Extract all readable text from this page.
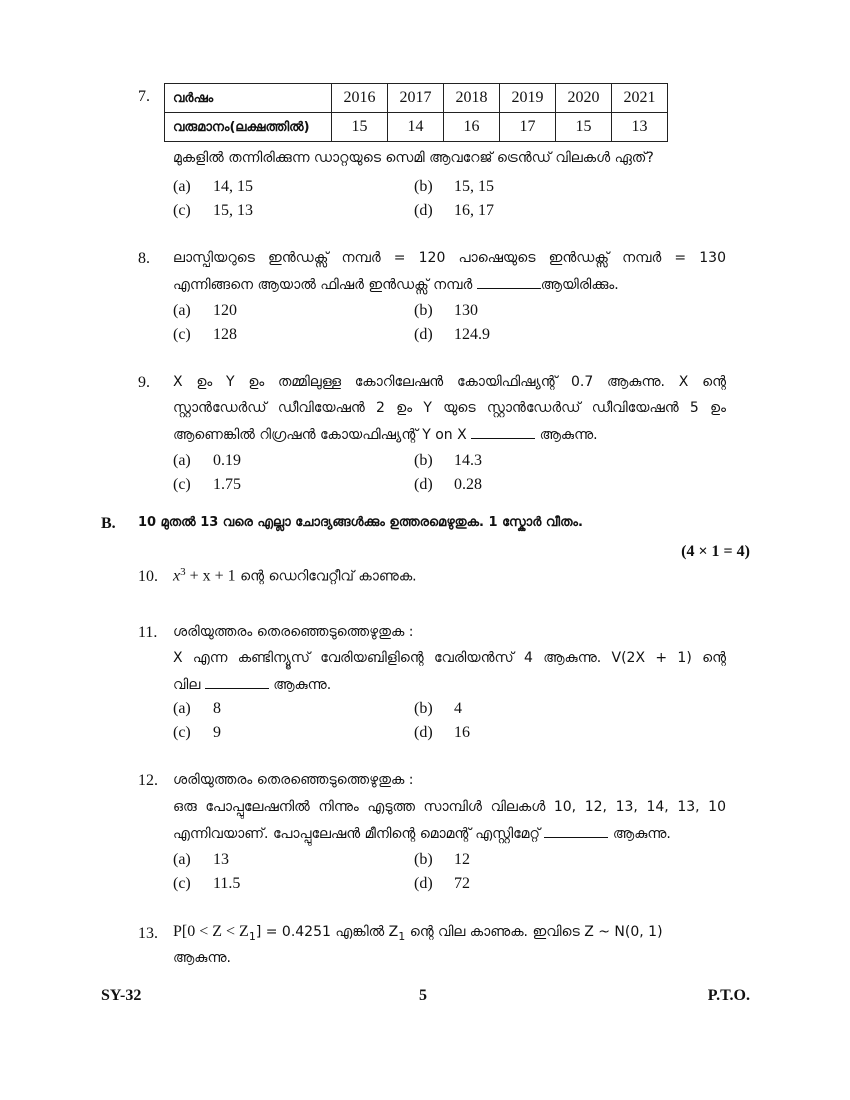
7. വർഷം	2016	2017	2018	2019	2020	2021
വരുമാനം(ലക്ഷത്തിൽ)	15	14	16	17	15	13
മുകളിൽ തന്നിരിക്കുന്ന ഡാറ്റയുടെ സെമി ആവറേജ് ട്രെൻഡ് വിലകൾ ഏത്?
(a) 14, 15	(b) 15, 15
(c) 15, 13	(d) 16, 17
8. ലാസ്പിയറുടെ ഇൻഡക്സ് നമ്പർ = 120 പാഷെയുടെ ഇൻഡക്സ് നമ്പർ = 130
എന്നിങ്ങനെ ആയാൽ ഫിഷർ ഇൻഡക്സ് നമ്പർ	ആയിരിക്കും.
(a) 120	(b) 130
(c) 128	(d) 124.9
9. X ഉം Y ഉം തമ്മിലുള്ള കോറിലേഷൻ കോയിഫിഷ്യന്റ് 0.7 ആകുന്നു. X ന്റെ
സ്റ്റാൻഡേർഡ് ഡീവിയേഷൻ 2 ഉം Y യുടെ സ്റ്റാൻഡേർഡ് ഡീവിയേഷൻ 5 ഉം
ആണെങ്കിൽ റിഗ്രഷൻ കോയഫിഷ്യന്റ് Y on X	ആകുന്നു.
(a) 0.19	(b) 14.3
(c) 1.75	(d) 0.28
B. 10 മുതൽ 13 വരെ എല്ലാ ചോദ്യങ്ങൾക്കും ഉത്തരമെഴുതുക. 1 സ്കോർ വീതം.
(4 × 1 = 4)
10. $x^3 + x + 1$ ന്റെ ഡെറിവേറ്റീവ് കാണുക.
11. ശരിയുത്തരം തെരഞ്ഞെടുത്തെഴുതുക :
X എന്ന കണ്ടിന്യൂസ് വേരിയബിളിന്റെ വേരിയൻസ് 4 ആകുന്നു. V(2X + 1) ന്റെ
വില	ആകുന്നു.
(a) 8	(b) 4
(c) 9	(d) 16
12. ശരിയുത്തരം തെരഞ്ഞെടുത്തെഴുതുക :
ഒരു പോപ്പുലേഷനിൽ നിന്നും എടുത്ത സാമ്പിൾ വിലകൾ 10, 12, 13, 14, 13, 10
എന്നിവയാണ്. പോപ്പുലേഷൻ മീനിന്റെ മൊമന്റ് എസ്റ്റിമേറ്റ്	ആകുന്നു.
(a) 13	(b) 12
(c) 11.5	(d) 72
13. $P[0 < Z < Z_1] = 0.4251$ എങ്കിൽ $Z_1$ ന്റെ വില കാണുക. ഇവിടെ Z ~ N(0, 1)
ആകുന്നു.
SY-32	5	P.T.O.
